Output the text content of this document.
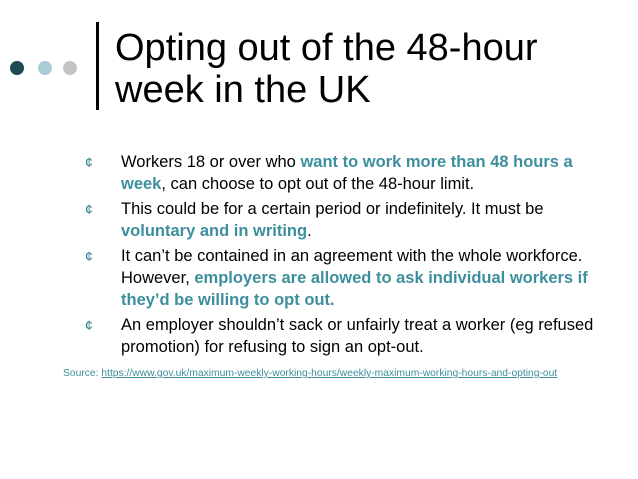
Opting out of the 48-hour week in the UK
¢ Workers 18 or over who want to work more than 48 hours a week, can choose to opt out of the 48-hour limit.
¢ This could be for a certain period or indefinitely. It must be voluntary and in writing.
¢ It can’t be contained in an agreement with the whole workforce. However, employers are allowed to ask individual workers if they’d be willing to opt out.
¢ An employer shouldn’t sack or unfairly treat a worker (eg refused promotion) for refusing to sign an opt-out.
Source: https://www.gov.uk/maximum-weekly-working-hours/weekly-maximum-working-hours-and-opting-out
